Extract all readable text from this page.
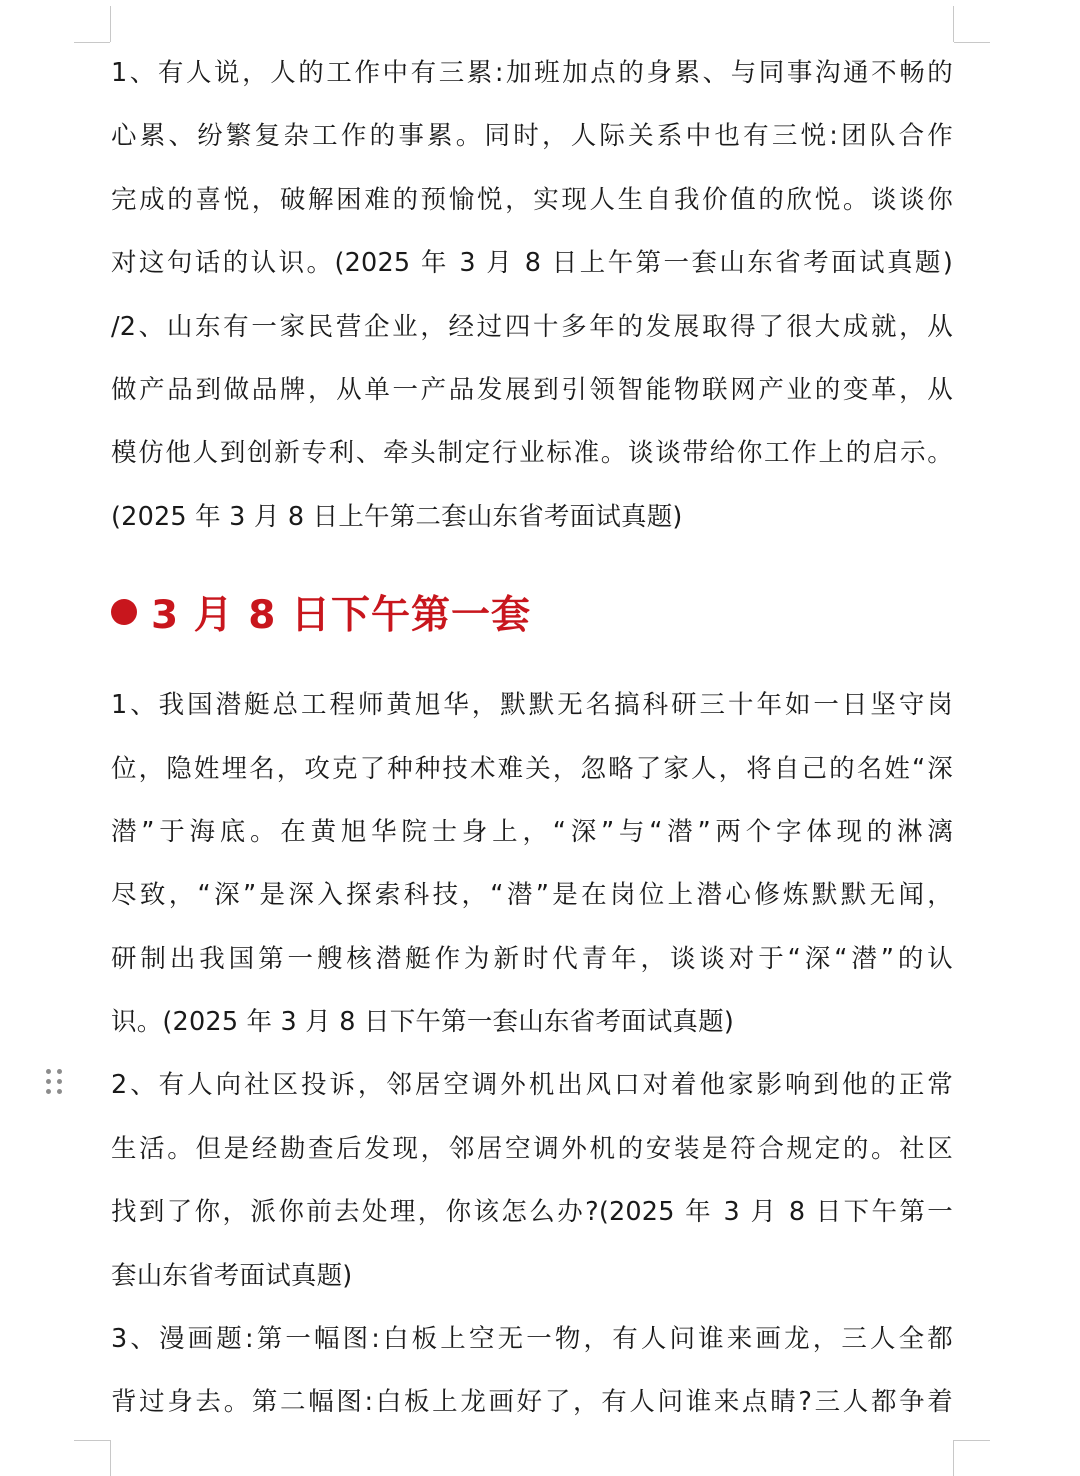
1、有人说，人的工作中有三累:加班加点的身累、与同事沟通不畅的
心累、纷繁复杂工作的事累。同时，人际关系中也有三悦:团队合作
完成的喜悦，破解困难的预愉悦，实现人生自我价值的欣悦。谈谈你
对这句话的认识。(2025 年 3 月 8 日上午第一套山东省考面试真题)
/2、山东有一家民营企业，经过四十多年的发展取得了很大成就，从
做产品到做品牌，从单一产品发展到引领智能物联网产业的变革，从
模仿他人到创新专利、牵头制定行业标准。谈谈带给你工作上的启示。
(2025 年 3 月 8 日上午第二套山东省考面试真题)
3 月 8 日下午第一套
1、我国潜艇总工程师黄旭华，默默无名搞科研三十年如一日坚守岗
位，隐姓埋名，攻克了种种技术难关，忽略了家人，将自己的名姓“深
潜”于海底。在黄旭华院士身上，“深”与“潜”两个字体现的淋漓
尽致，“深”是深入探索科技，“潜”是在岗位上潜心修炼默默无闻，
研制出我国第一艘核潜艇作为新时代青年，谈谈对于“深“潜”的认
识。(2025 年 3 月 8 日下午第一套山东省考面试真题)
2、有人向社区投诉，邻居空调外机出风口对着他家影响到他的正常
生活。但是经勘查后发现，邻居空调外机的安装是符合规定的。社区
找到了你，派你前去处理，你该怎么办?(2025 年 3 月 8 日下午第一
套山东省考面试真题)
3、漫画题:第一幅图:白板上空无一物，有人问谁来画龙，三人全都
背过身去。第二幅图:白板上龙画好了，有人问谁来点睛?三人都争着
